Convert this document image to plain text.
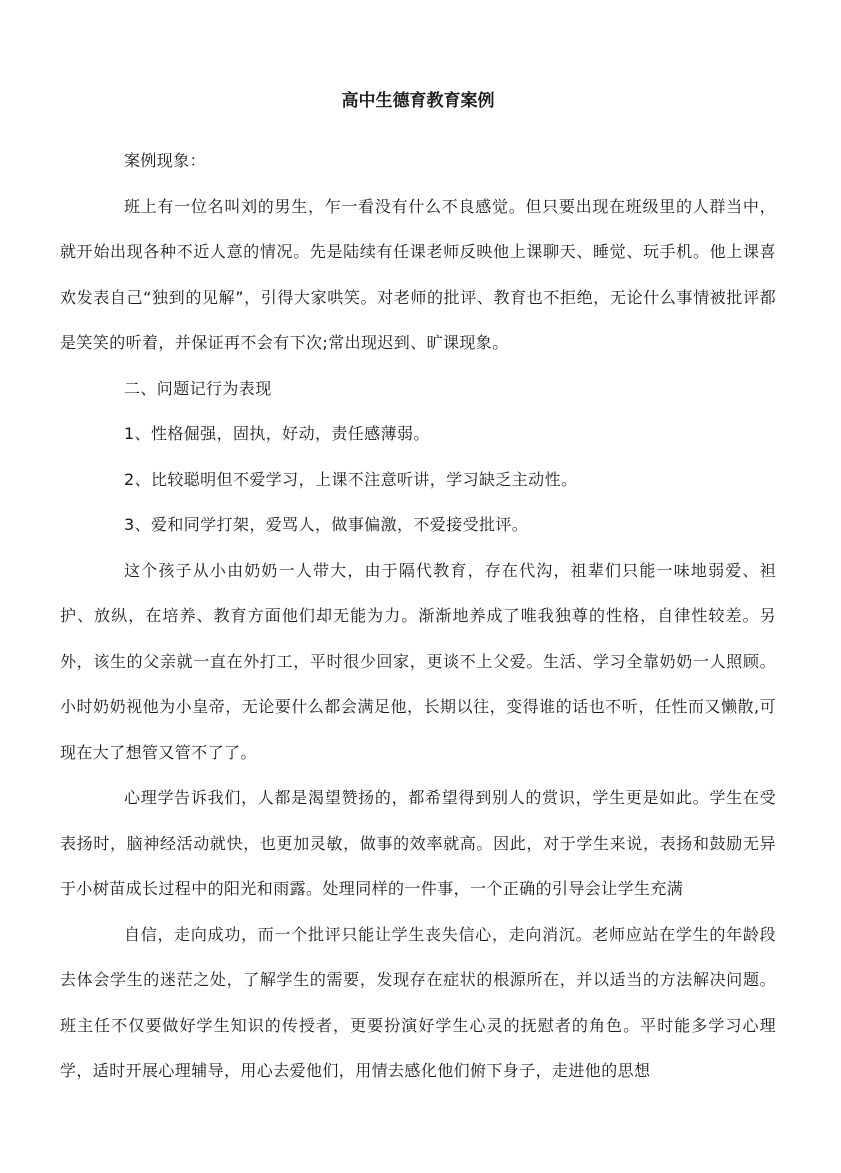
高中生德育教育案例

案例现象：

班上有一位名叫刘的男生，乍一看没有什么不良感觉。但只要出现在班级里的人群当中，就开始出现各种不近人意的情况。先是陆续有任课老师反映他上课聊天、睡觉、玩手机。他上课喜欢发表自己“独到的见解”，引得大家哄笑。对老师的批评、教育也不拒绝，无论什么事情被批评都是笑笑的听着，并保证再不会有下次;常出现迟到、旷课现象。

二、问题记行为表现

1、性格倔强，固执，好动，责任感薄弱。

2、比较聪明但不爱学习，上课不注意听讲，学习缺乏主动性。

3、爱和同学打架，爱骂人，做事偏激，不爱接受批评。

这个孩子从小由奶奶一人带大，由于隔代教育，存在代沟，祖辈们只能一味地弱爱、袒护、放纵，在培养、教育方面他们却无能为力。渐渐地养成了唯我独尊的性格，自律性较差。另外，该生的父亲就一直在外打工，平时很少回家，更谈不上父爱。生活、学习全靠奶奶一人照顾。小时奶奶视他为小皇帝，无论要什么都会满足他，长期以往，变得谁的话也不听，任性而又懒散,可现在大了想管又管不了了。

心理学告诉我们，人都是渴望赞扬的，都希望得到别人的赏识，学生更是如此。学生在受表扬时，脑神经活动就快，也更加灵敏，做事的效率就高。因此，对于学生来说，表扬和鼓励无异于小树苗成长过程中的阳光和雨露。处理同样的一件事，一个正确的引导会让学生充满

自信，走向成功，而一个批评只能让学生丧失信心，走向消沉。老师应站在学生的年龄段去体会学生的迷茫之处，了解学生的需要，发现存在症状的根源所在，并以适当的方法解决问题。班主任不仅要做好学生知识的传授者，更要扮演好学生心灵的抚慰者的角色。平时能多学习心理学，适时开展心理辅导，用心去爱他们，用情去感化他们俯下身子，走进他的思想
